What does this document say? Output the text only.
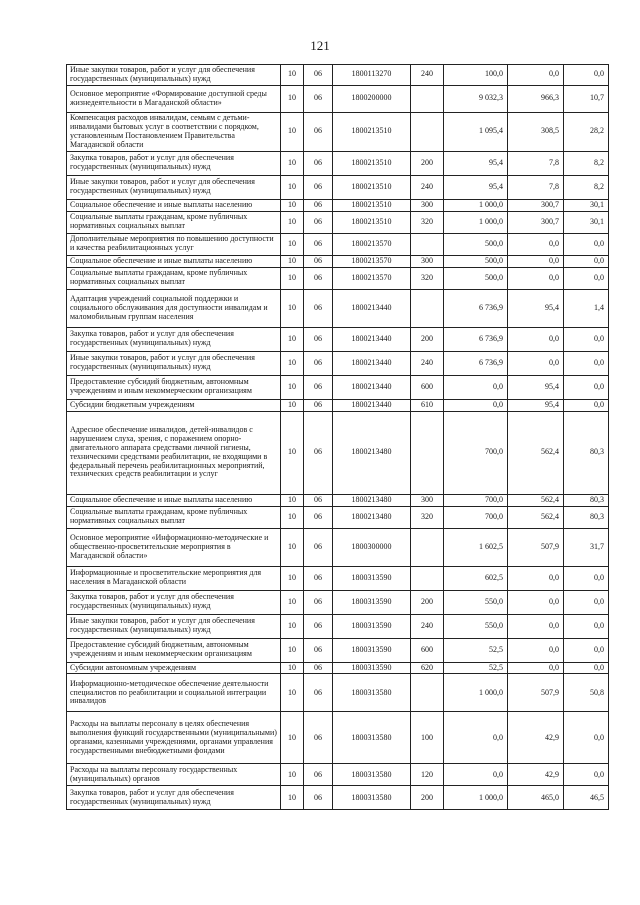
121
Иные закупки товаров, работ и услуг для обеспечения государственных (муниципальных) нужд	10	06	1800113270	240	100,0	0,0	0,0
Основное мероприятие «Формирование доступной среды жизнедеятельности в Магаданской области»	10	06	1800200000		9 032,3	966,3	10,7
Компенсация расходов инвалидам, семьям с детьми-инвалидами бытовых услуг в соответствии с порядком, установленным Постановлением Правительства Магаданской области	10	06	1800213510		1 095,4	308,5	28,2
Закупка товаров, работ и услуг для обеспечения государственных (муниципальных) нужд	10	06	1800213510	200	95,4	7,8	8,2
Иные закупки товаров, работ и услуг для обеспечения государственных (муниципальных) нужд	10	06	1800213510	240	95,4	7,8	8,2
Социальное обеспечение и иные выплаты населению	10	06	1800213510	300	1 000,0	300,7	30,1
Социальные выплаты гражданам, кроме публичных нормативных социальных выплат	10	06	1800213510	320	1 000,0	300,7	30,1
Дополнительные мероприятия по повышению доступности и качества реабилитационных услуг	10	06	1800213570		500,0	0,0	0,0
Социальное обеспечение и иные выплаты населению	10	06	1800213570	300	500,0	0,0	0,0
Социальные выплаты гражданам, кроме публичных нормативных социальных выплат	10	06	1800213570	320	500,0	0,0	0,0
Адаптация учреждений социальной поддержки и социального обслуживания для доступности инвалидам и маломобильным группам населения	10	06	1800213440		6 736,9	95,4	1,4
Закупка товаров, работ и услуг для обеспечения государственных (муниципальных) нужд	10	06	1800213440	200	6 736,9	0,0	0,0
Иные закупки товаров, работ и услуг для обеспечения государственных (муниципальных) нужд	10	06	1800213440	240	6 736,9	0,0	0,0
Предоставление субсидий бюджетным, автономным учреждениям и иным некоммерческим организациям	10	06	1800213440	600	0,0	95,4	0,0
Субсидии бюджетным учреждениям	10	06	1800213440	610	0,0	95,4	0,0
Адресное обеспечение инвалидов, детей-инвалидов с нарушением слуха, зрения, с поражением опорно-двигательного аппарата средствами личной гигиены, техническими средствами реабилитации, не входящими в федеральный перечень реабилитационных мероприятий, технических средств реабилитации и услуг	10	06	1800213480		700,0	562,4	80,3
Социальное обеспечение и иные выплаты населению	10	06	1800213480	300	700,0	562,4	80,3
Социальные выплаты гражданам, кроме публичных нормативных социальных выплат	10	06	1800213480	320	700,0	562,4	80,3
Основное мероприятие «Информационно-методические и общественно-просветительские мероприятия в Магаданской области»	10	06	1800300000		1 602,5	507,9	31,7
Информационные и просветительские мероприятия для населения в Магаданской области	10	06	1800313590		602,5	0,0	0,0
Закупка товаров, работ и услуг для обеспечения государственных (муниципальных) нужд	10	06	1800313590	200	550,0	0,0	0,0
Иные закупки товаров, работ и услуг для обеспечения государственных (муниципальных) нужд	10	06	1800313590	240	550,0	0,0	0,0
Предоставление субсидий бюджетным, автономным учреждениям и иным некоммерческим организациям	10	06	1800313590	600	52,5	0,0	0,0
Субсидии автономным учреждениям	10	06	1800313590	620	52,5	0,0	0,0
Информационно-методическое обеспечение деятельности специалистов по реабилитации и социальной интеграции инвалидов	10	06	1800313580		1 000,0	507,9	50,8
Расходы на выплаты персоналу в целях обеспечения выполнения функций государственными (муниципальными) органами, казенными учреждениями, органами управления государственными внебюджетными фондами	10	06	1800313580	100	0,0	42,9	0,0
Расходы на выплаты персоналу государственных (муниципальных) органов	10	06	1800313580	120	0,0	42,9	0,0
Закупка товаров, работ и услуг для обеспечения государственных (муниципальных) нужд	10	06	1800313580	200	1 000,0	465,0	46,5
